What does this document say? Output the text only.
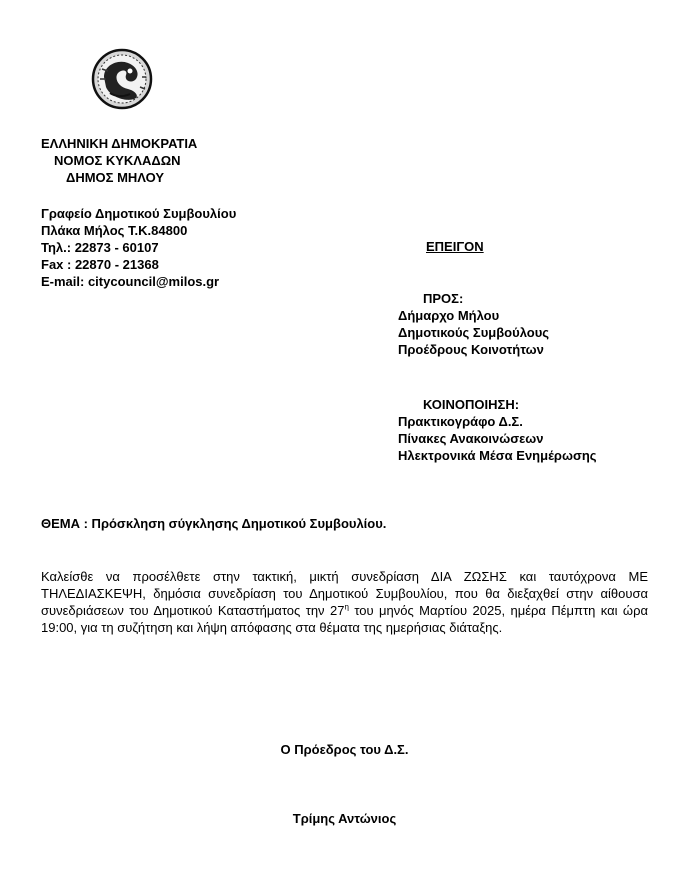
ΕΛΛΗΝΙΚΗ ΔΗΜΟΚΡΑΤΙΑ
ΝΟΜΟΣ ΚΥΚΛΑΔΩΝ
ΔΗΜΟΣ ΜΗΛΟΥ
Γραφείο Δημοτικού Συμβουλίου
Πλάκα Μήλος Τ.Κ.84800
Τηλ.: 22873 - 60107
Fax : 22870 - 21368
E-mail: citycouncil@milos.gr
ΕΠΕΙΓΟΝ
ΠΡΟΣ:
Δήμαρχο Μήλου
Δημοτικούς Συμβούλους
Προέδρους Κοινοτήτων
ΚΟΙΝΟΠΟΙΗΣΗ:
Πρακτικογράφο Δ.Σ.
Πίνακες Ανακοινώσεων
Ηλεκτρονικά Μέσα Ενημέρωσης
ΘΕΜΑ : Πρόσκληση σύγκλησης Δημοτικού Συμβουλίου.
Καλείσθε να προσέλθετε στην τακτική, μικτή συνεδρίαση ΔΙΑ ΖΩΣΗΣ και ταυτόχρονα ΜΕ ΤΗΛΕΔΙΑΣΚΕΨΗ, δημόσια συνεδρίαση του Δημοτικού Συμβουλίου, που θα διεξαχθεί στην αίθουσα συνεδριάσεων του Δημοτικού Καταστήματος την $27^\eta$ του μηνός Μαρτίου 2025, ημέρα Πέμπτη και ώρα 19:00, για τη συζήτηση και λήψη απόφασης στα θέματα της ημερήσιας διάταξης.
Ο Πρόεδρος του Δ.Σ.
Τρίμης Αντώνιος
